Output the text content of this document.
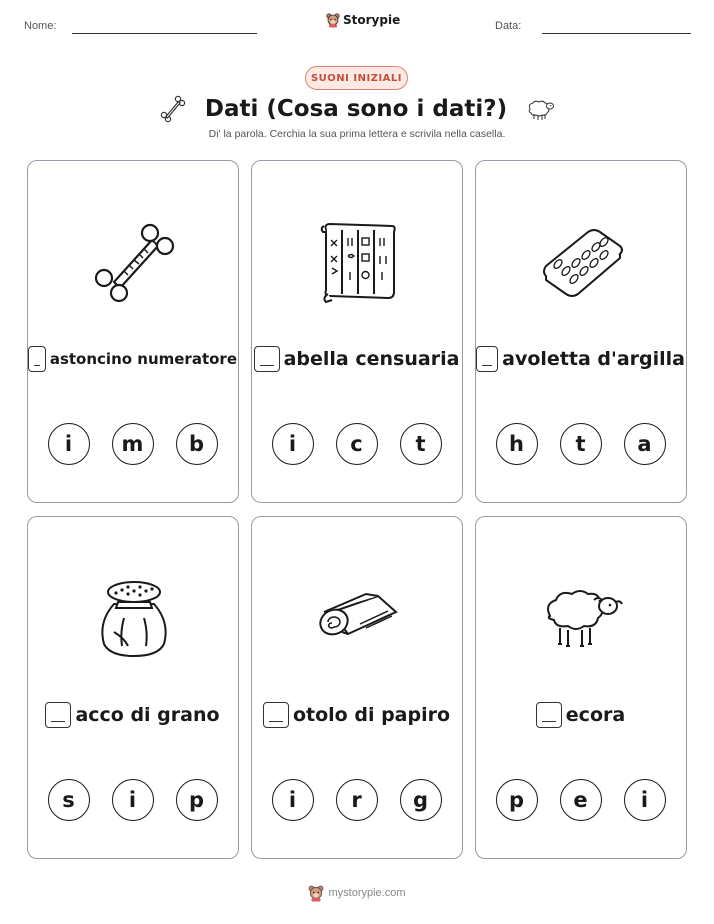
Nome:	Storypie	Data:
SUONI INIZIALI
Dati (Cosa sono i dati?)
Di' la parola. Cerchia la sua prima lettera e scrivila nella casella.
astoncino numeratore
i	m	b
abella censuaria
i	c	t
avoletta d'argilla
h	t	a
acco di grano
s	i	p
otolo di papiro
i	r	g
ecora
p	e	i
mystorypie.com
